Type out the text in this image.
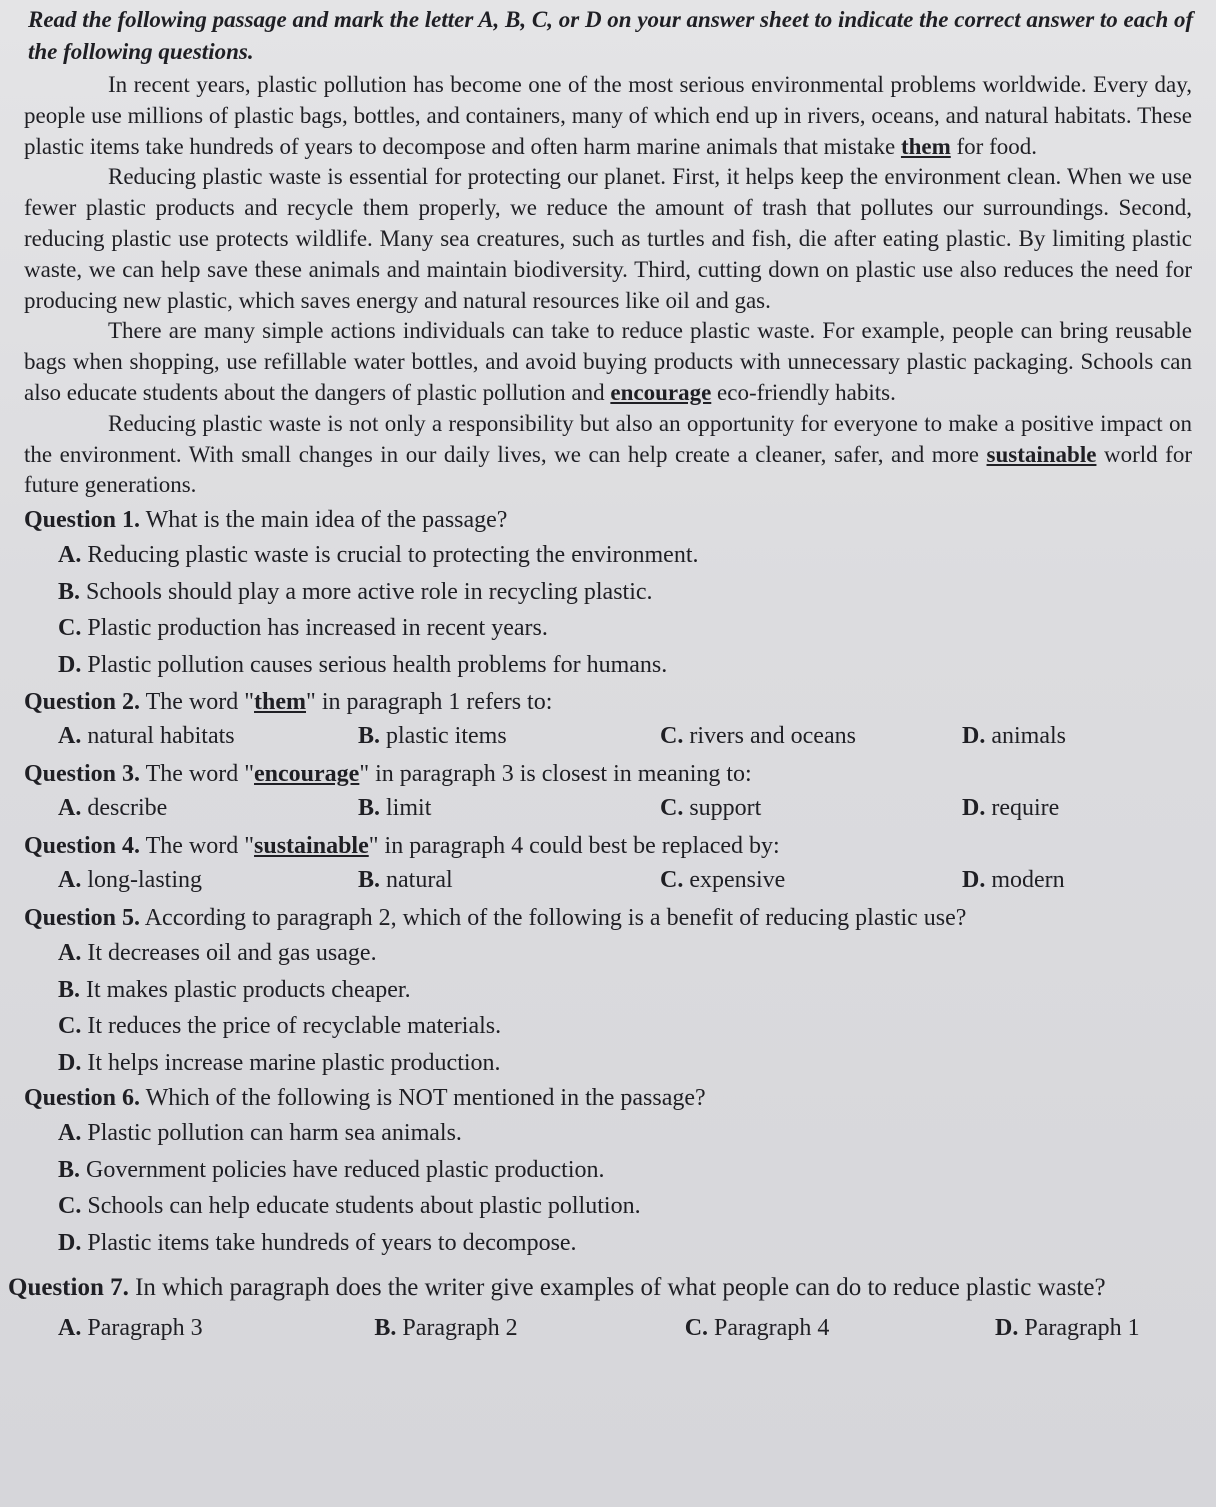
Read the following passage and mark the letter A, B, C, or D on your answer sheet to indicate the correct answer to each of the following questions.

In recent years, plastic pollution has become one of the most serious environmental problems worldwide. Every day, people use millions of plastic bags, bottles, and containers, many of which end up in rivers, oceans, and natural habitats. These plastic items take hundreds of years to decompose and often harm marine animals that mistake them for food.

Reducing plastic waste is essential for protecting our planet. First, it helps keep the environment clean. When we use fewer plastic products and recycle them properly, we reduce the amount of trash that pollutes our surroundings. Second, reducing plastic use protects wildlife. Many sea creatures, such as turtles and fish, die after eating plastic. By limiting plastic waste, we can help save these animals and maintain biodiversity. Third, cutting down on plastic use also reduces the need for producing new plastic, which saves energy and natural resources like oil and gas.

There are many simple actions individuals can take to reduce plastic waste. For example, people can bring reusable bags when shopping, use refillable water bottles, and avoid buying products with unnecessary plastic packaging. Schools can also educate students about the dangers of plastic pollution and encourage eco-friendly habits.

Reducing plastic waste is not only a responsibility but also an opportunity for everyone to make a positive impact on the environment. With small changes in our daily lives, we can help create a cleaner, safer, and more sustainable world for future generations.

Question 1. What is the main idea of the passage?

A. Reducing plastic waste is crucial to protecting the environment.
B. Schools should play a more active role in recycling plastic.
C. Plastic production has increased in recent years.
D. Plastic pollution causes serious health problems for humans.

Question 2. The word "them" in paragraph 1 refers to:

A. natural habitats	B. plastic items	C. rivers and oceans	D. animals

Question 3. The word "encourage" in paragraph 3 is closest in meaning to:

A. describe	B. limit	C. support	D. require

Question 4. The word "sustainable" in paragraph 4 could best be replaced by:

A. long-lasting	B. natural	C. expensive	D. modern

Question 5. According to paragraph 2, which of the following is a benefit of reducing plastic use?

A. It decreases oil and gas usage.
B. It makes plastic products cheaper.
C. It reduces the price of recyclable materials.
D. It helps increase marine plastic production.

Question 6. Which of the following is NOT mentioned in the passage?

A. Plastic pollution can harm sea animals.
B. Government policies have reduced plastic production.
C. Schools can help educate students about plastic pollution.
D. Plastic items take hundreds of years to decompose.

Question 7. In which paragraph does the writer give examples of what people can do to reduce plastic waste?

A. Paragraph 3	B. Paragraph 2	C. Paragraph 4	D. Paragraph 1
